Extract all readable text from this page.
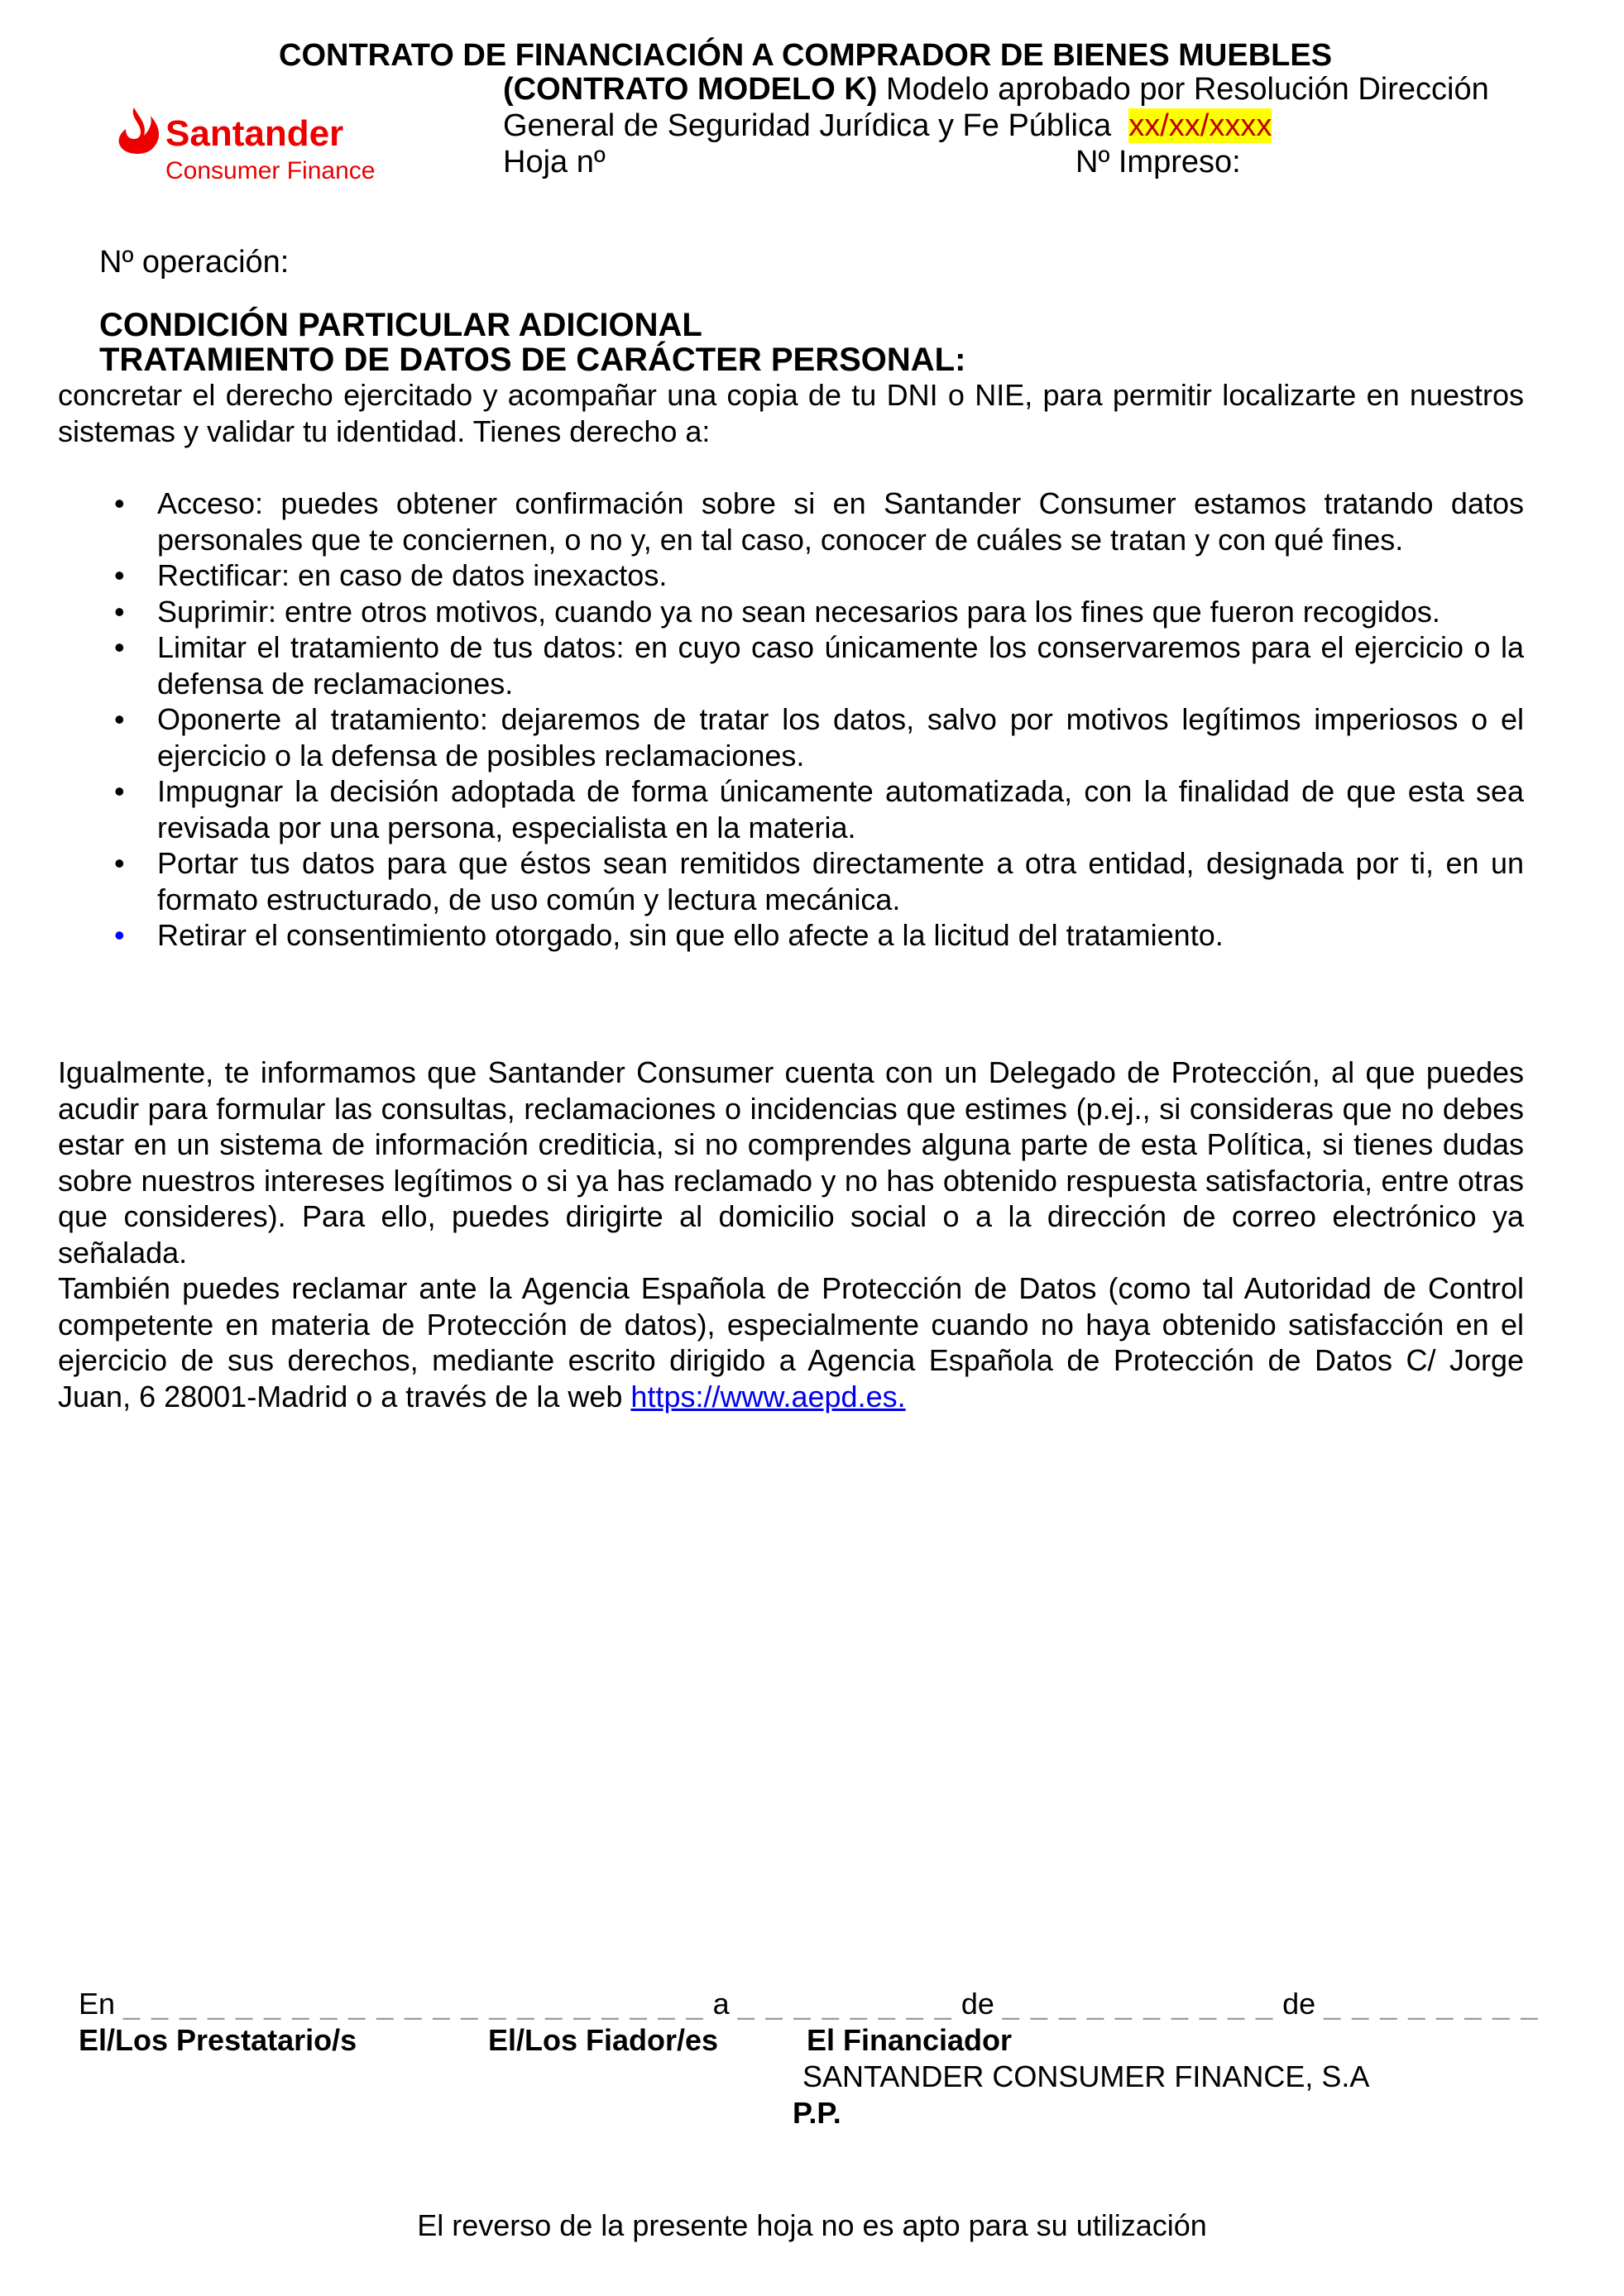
CONTRATO DE FINANCIACIÓN A COMPRADOR DE BIENES MUEBLES
(CONTRATO MODELO K) Modelo aprobado por Resolución Dirección
General de Seguridad Jurídica y Fe Pública xx/xx/xxxx
Hoja nº	Nº Impreso:
Santander
Consumer Finance
Nº operación:
CONDICIÓN PARTICULAR ADICIONAL
TRATAMIENTO DE DATOS DE CARÁCTER PERSONAL:

concretar el derecho ejercitado y acompañar una copia de tu DNI o NIE, para permitir localizarte en nuestros sistemas y validar tu identidad. Tienes derecho a:

• Acceso: puedes obtener confirmación sobre si en Santander Consumer estamos tratando datos personales que te conciernen, o no y, en tal caso, conocer de cuáles se tratan y con qué fines.
• Rectificar: en caso de datos inexactos.
• Suprimir: entre otros motivos, cuando ya no sean necesarios para los fines que fueron recogidos.
• Limitar el tratamiento de tus datos: en cuyo caso únicamente los conservaremos para el ejercicio o la defensa de reclamaciones.
• Oponerte al tratamiento: dejaremos de tratar los datos, salvo por motivos legítimos imperiosos o el ejercicio o la defensa de posibles reclamaciones.
• Impugnar la decisión adoptada de forma únicamente automatizada, con la finalidad de que esta sea revisada por una persona, especialista en la materia.
• Portar tus datos para que éstos sean remitidos directamente a otra entidad, designada por ti, en un formato estructurado, de uso común y lectura mecánica.
• Retirar el consentimiento otorgado, sin que ello afecte a la licitud del tratamiento.

Igualmente, te informamos que Santander Consumer cuenta con un Delegado de Protección, al que puedes acudir para formular las consultas, reclamaciones o incidencias que estimes (p.ej., si consideras que no debes estar en un sistema de información crediticia, si no comprendes alguna parte de esta Política, si tienes dudas sobre nuestros intereses legítimos o si ya has reclamado y no has obtenido respuesta satisfactoria, entre otras que consideres). Para ello, puedes dirigirte al domicilio social o a la dirección de correo electrónico ya señalada.

También puedes reclamar ante la Agencia Española de Protección de Datos (como tal Autoridad de Control competente en materia de Protección de datos), especialmente cuando no haya obtenido satisfacción en el ejercicio de sus derechos, mediante escrito dirigido a Agencia Española de Protección de Datos C/ Jorge Juan, 6 28001-Madrid o a través de la web https://www.aepd.es.

En _ _ _ _ _ _ _ _ _ _ _ _ _ _ _ _ _ _ _ _ _ a _ _ _ _ _ _ _ _ de _ _ _ _ _ _ _ _ _ _ de _ _ _ _ _ _ _ _
El/Los Prestatario/s	El/Los Fiador/es	El Financiador
SANTANDER CONSUMER FINANCE, S.A
P.P.
El reverso de la presente hoja no es apto para su utilización
